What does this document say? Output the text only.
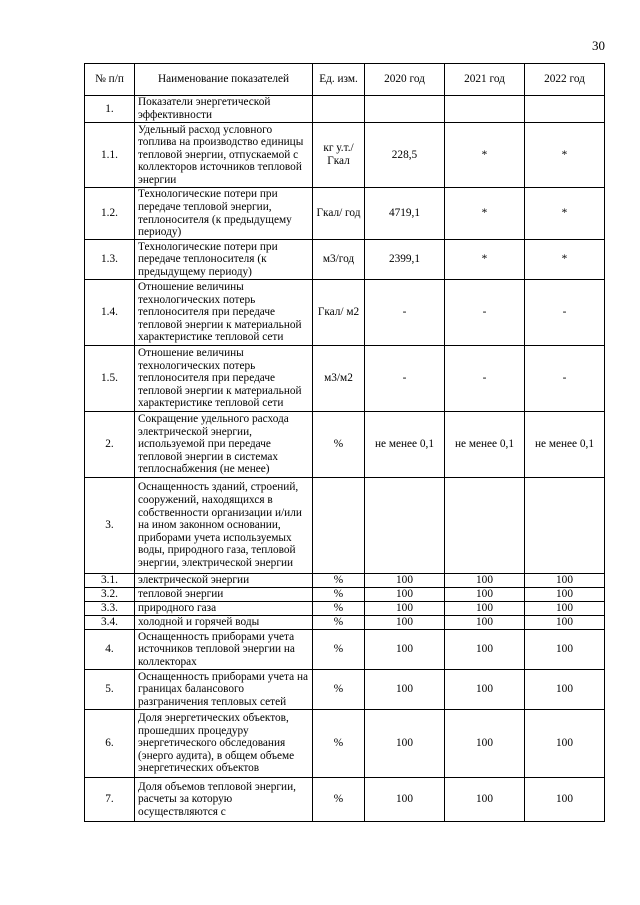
30
№ п/п	Наименование показателей	Ед. изм.	2020 год	2021 год	2022 год
1.	Показатели энергетической эффективности				
1.1.	Удельный расход условного топлива на производство единицы тепловой энергии, отпускаемой с коллекторов источников тепловой энергии	кг у.т./ Гкал	228,5	*	*
1.2.	Технологические потери при передаче тепловой энергии, теплоносителя (к предыдущему периоду)	Гкал/ год	4719,1	*	*
1.3.	Технологические потери при передаче теплоносителя (к предыдущему периоду)	м3/год	2399,1	*	*
1.4.	Отношение величины технологических потерь теплоносителя при передаче тепловой энергии к материальной характеристике тепловой сети	Гкал/ м2	-	-	-
1.5.	Отношение величины технологических потерь теплоносителя при передаче тепловой энергии к материальной характеристике тепловой сети	м3/м2	-	-	-
2.	Сокращение удельного расхода электрической энергии, используемой при передаче тепловой энергии в системах теплоснабжения (не менее)	%	не менее 0,1	не менее 0,1	не менее 0,1
3.	Оснащенность зданий, строений, сооружений, находящихся в собственности организации и/или на ином законном основании, приборами учета используемых воды, природного газа, тепловой энергии, электрической энергии				
3.1.	электрической энергии	%	100	100	100
3.2.	тепловой энергии	%	100	100	100
3.3.	природного газа	%	100	100	100
3.4.	холодной и горячей воды	%	100	100	100
4.	Оснащенность приборами учета источников тепловой энергии на коллекторах	%	100	100	100
5.	Оснащенность приборами учета на границах балансового разграничения тепловых сетей	%	100	100	100
6.	Доля энергетических объектов, прошедших процедуру энергетического обследования (энерго аудита), в общем объеме энергетических объектов	%	100	100	100
7.	Доля объемов тепловой энергии, расчеты за которую осуществляются с	%	100	100	100
